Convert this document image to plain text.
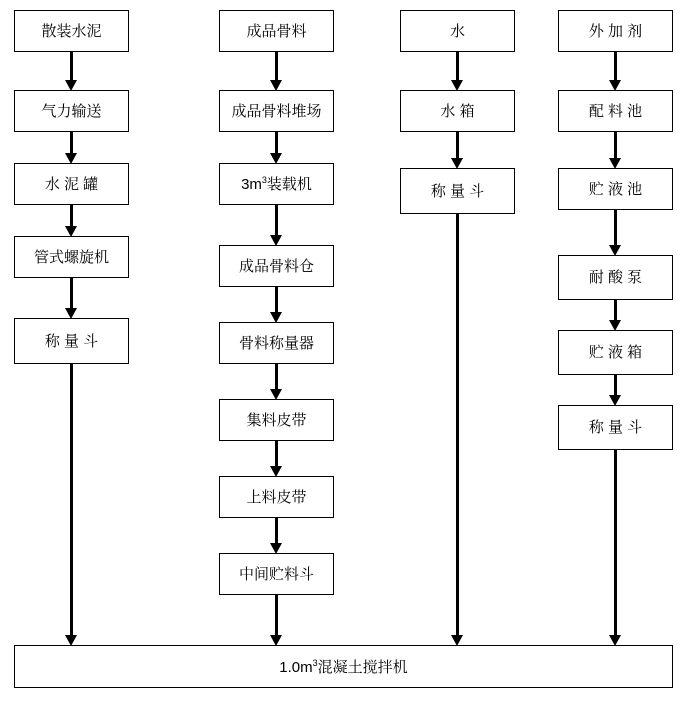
散装水泥
气力输送
水 泥 罐
管式螺旋机
称 量 斗
成品骨料
成品骨料堆场
$3m^3$装载机
成品骨料仓
骨料称量器
集料皮带
上料皮带
中间贮料斗
水
水 箱
称 量 斗
外 加 剂
配 料 池
贮 液 池
耐 酸 泵
贮 液 箱
称 量 斗
$1.0m^3$混凝土搅拌机
